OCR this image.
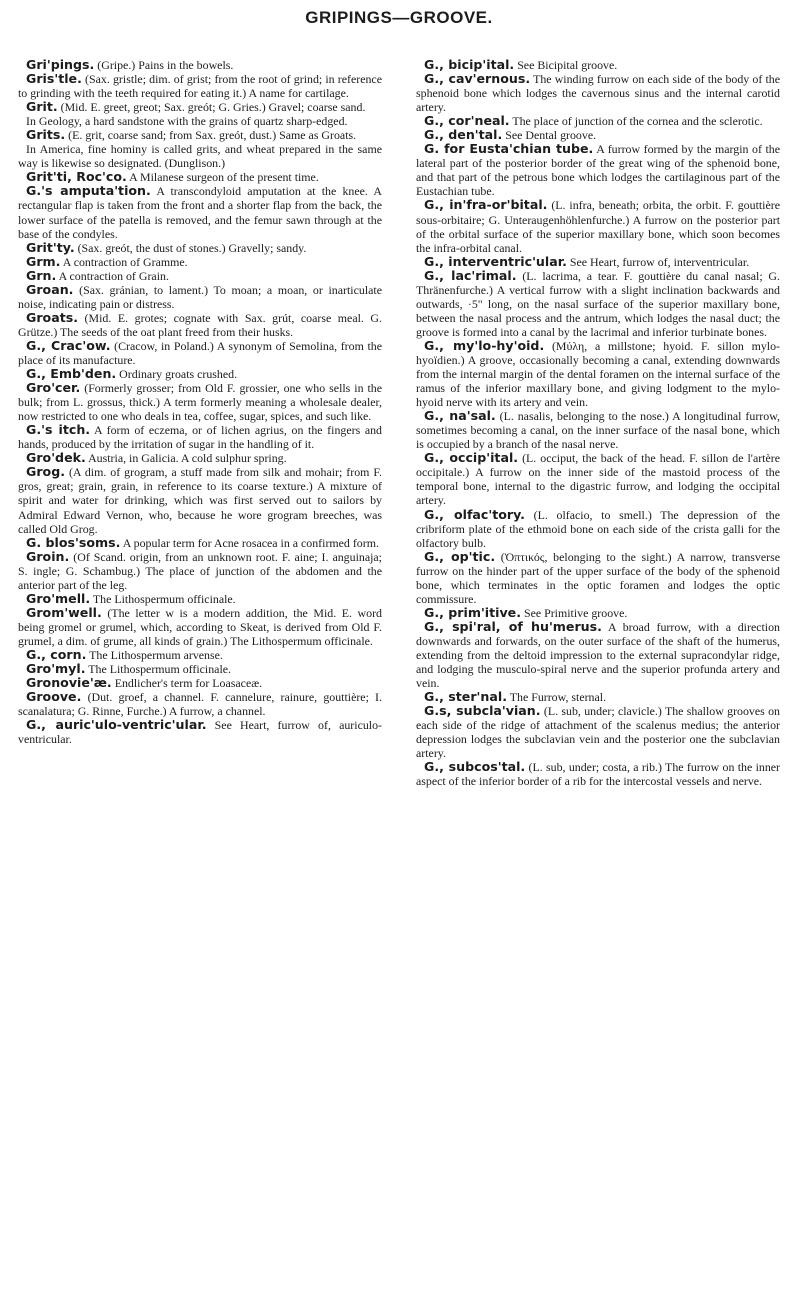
GRIPINGS—GROOVE.

Gri'pings. (Gripe.) Pains in the bowels.

Gris'tle. (Sax. gristle; dim. of grist; from the root of grind; in reference to grinding with the teeth required for eating it.) A name for cartilage.

Grit. (Mid. E. greet, greot; Sax. greót; G. Gries.) Gravel; coarse sand.

In Geology, a hard sandstone with the grains of quartz sharp-edged.

Grits. (E. grit, coarse sand; from Sax. greót, dust.) Same as Groats.

In America, fine hominy is called grits, and wheat prepared in the same way is likewise so designated. (Dunglison.)

Grit'ti, Roc'co. A Milanese surgeon of the present time.

G.'s amputa'tion. A transcondyloid amputation at the knee. A rectangular flap is taken from the front and a shorter flap from the back, the lower surface of the patella is removed, and the femur sawn through at the base of the condyles.

Grit'ty. (Sax. greót, the dust of stones.) Gravelly; sandy.

Grm. A contraction of Gramme.

Grn. A contraction of Grain.

Groan. (Sax. gránian, to lament.) To moan; a moan, or inarticulate noise, indicating pain or distress.

Groats. (Mid. E. grotes; cognate with Sax. grút, coarse meal. G. Grütze.) The seeds of the oat plant freed from their husks.

G., Crac'ow. (Cracow, in Poland.) A synonym of Semolina, from the place of its manufacture.

G., Emb'den. Ordinary groats crushed.

Gro'cer. (Formerly grosser; from Old F. grossier, one who sells in the bulk; from L. grossus, thick.) A term formerly meaning a wholesale dealer, now restricted to one who deals in tea, coffee, sugar, spices, and such like.

G.'s itch. A form of eczema, or of lichen agrius, on the fingers and hands, produced by the irritation of sugar in the handling of it.

Gro'dek. Austria, in Galicia. A cold sulphur spring.

Grog. (A dim. of grogram, a stuff made from silk and mohair; from F. gros, great; grain, grain, in reference to its coarse texture.) A mixture of spirit and water for drinking, which was first served out to sailors by Admiral Edward Vernon, who, because he wore grogram breeches, was called Old Grog.

G. blos'soms. A popular term for Acne rosacea in a confirmed form.

Groin. (Of Scand. origin, from an unknown root. F. aine; I. anguinaja; S. ingle; G. Schambug.) The place of junction of the abdomen and the anterior part of the leg.

Gro'mell. The Lithospermum officinale.

Grom'well. (The letter w is a modern addition, the Mid. E. word being gromel or grumel, which, according to Skeat, is derived from Old F. grumel, a dim. of grume, all kinds of grain.) The Lithospermum officinale.

G., corn. The Lithospermum arvense.

Gro'myl. The Lithospermum officinale.

Gronovie'æ. Endlicher's term for Loasaceæ.

Groove. (Dut. groef, a channel. F. cannelure, rainure, gouttière; I. scanalatura; G. Rinne, Furche.) A furrow, a channel.

G., auric'ulo-ventric'ular. See Heart, furrow of, auriculo-ventricular.

G., bicip'ital. See Bicipital groove.

G., cav'ernous. The winding furrow on each side of the body of the sphenoid bone which lodges the cavernous sinus and the internal carotid artery.

G., cor'neal. The place of junction of the cornea and the sclerotic.

G., den'tal. See Dental groove.

G. for Eusta'chian tube. A furrow formed by the margin of the lateral part of the posterior border of the great wing of the sphenoid bone, and that part of the petrous bone which lodges the cartilaginous part of the Eustachian tube.

G., in'fra-or'bital. (L. infra, beneath; orbita, the orbit. F. gouttière sous-orbitaire; G. Unteraugenhöhlenfurche.) A furrow on the posterior part of the orbital surface of the superior maxillary bone, which soon becomes the infra-orbital canal.

G., interventric'ular. See Heart, furrow of, interventricular.

G., lac'rimal. (L. lacrima, a tear. F. gouttière du canal nasal; G. Thränenfurche.) A vertical furrow with a slight inclination backwards and outwards, ·5" long, on the nasal surface of the superior maxillary bone, between the nasal process and the antrum, which lodges the nasal duct; the groove is formed into a canal by the lacrimal and inferior turbinate bones.

G., my'lo-hy'oid. (Μύλη, a millstone; hyoid. F. sillon mylo-hyoïdien.) A groove, occasionally becoming a canal, extending downwards from the internal margin of the dental foramen on the internal surface of the ramus of the inferior maxillary bone, and giving lodgment to the mylo-hyoid nerve with its artery and vein.

G., na'sal. (L. nasalis, belonging to the nose.) A longitudinal furrow, sometimes becoming a canal, on the inner surface of the nasal bone, which is occupied by a branch of the nasal nerve.

G., occip'ital. (L. occiput, the back of the head. F. sillon de l'artère occipitale.) A furrow on the inner side of the mastoid process of the temporal bone, internal to the digastric furrow, and lodging the occipital artery.

G., olfac'tory. (L. olfacio, to smell.) The depression of the cribriform plate of the ethmoid bone on each side of the crista galli for the olfactory bulb.

G., op'tic. (Ὀπτικός, belonging to the sight.) A narrow, transverse furrow on the hinder part of the upper surface of the body of the sphenoid bone, which terminates in the optic foramen and lodges the optic commissure.

G., prim'itive. See Primitive groove.

G., spi'ral, of hu'merus. A broad furrow, with a direction downwards and forwards, on the outer surface of the shaft of the humerus, extending from the deltoid impression to the external supracondylar ridge, and lodging the musculo-spiral nerve and the superior profunda artery and vein.

G., ster'nal. The Furrow, sternal.

G.s, subcla'vian. (L. sub, under; clavicle.) The shallow grooves on each side of the ridge of attachment of the scalenus medius; the anterior depression lodges the subclavian vein and the posterior one the subclavian artery.

G., subcos'tal. (L. sub, under; costa, a rib.) The furrow on the inner aspect of the inferior border of a rib for the intercostal vessels and nerve.
